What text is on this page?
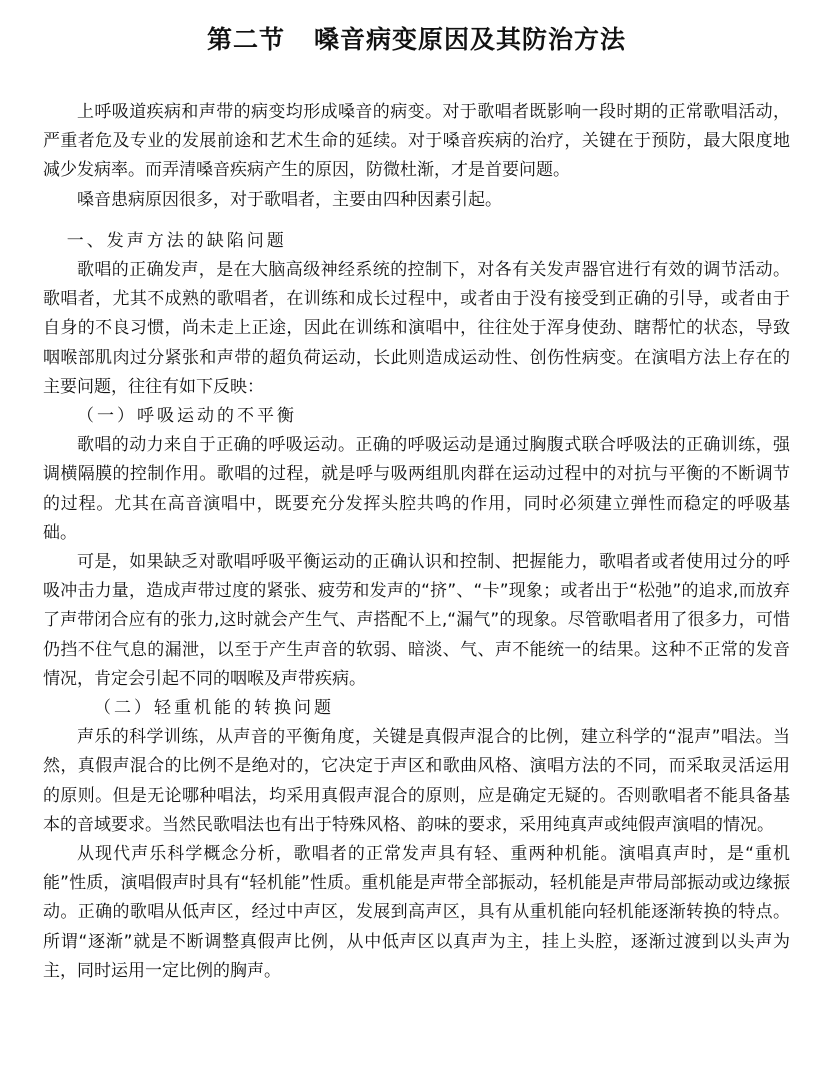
第二节   嗓音病变原因及其防治方法

上呼吸道疾病和声带的病变均形成嗓音的病变。对于歌唱者既影响一段时期的正常歌唱活动，严重者危及专业的发展前途和艺术生命的延续。对于嗓音疾病的治疗，关键在于预防，最大限度地减少发病率。而弄清嗓音疾病产生的原因，防微杜渐，才是首要问题。

嗓音患病原因很多，对于歌唱者，主要由四种因素引起。

一、发声方法的缺陷问题

歌唱的正确发声，是在大脑高级神经系统的控制下，对各有关发声器官进行有效的调节活动。歌唱者，尤其不成熟的歌唱者，在训练和成长过程中，或者由于没有接受到正确的引导，或者由于自身的不良习惯，尚未走上正途，因此在训练和演唱中，往往处于浑身使劲、瞎帮忙的状态，导致咽喉部肌肉过分紧张和声带的超负荷运动，长此则造成运动性、创伤性病变。在演唱方法上存在的主要问题，往往有如下反映：

（一）呼吸运动的不平衡

歌唱的动力来自于正确的呼吸运动。正确的呼吸运动是通过胸腹式联合呼吸法的正确训练，强调横隔膜的控制作用。歌唱的过程，就是呼与吸两组肌肉群在运动过程中的对抗与平衡的不断调节的过程。尤其在高音演唱中，既要充分发挥头腔共鸣的作用，同时必须建立弹性而稳定的呼吸基础。

可是，如果缺乏对歌唱呼吸平衡运动的正确认识和控制、把握能力，歌唱者或者使用过分的呼吸冲击力量，造成声带过度的紧张、疲劳和发声的“挤”、“卡”现象；或者出于“松弛”的追求,而放弃了声带闭合应有的张力,这时就会产生气、声搭配不上,“漏气”的现象。尽管歌唱者用了很多力，可惜仍挡不住气息的漏泄，以至于产生声音的软弱、暗淡、气、声不能统一的结果。这种不正常的发音情况，肯定会引起不同的咽喉及声带疾病。

（二）轻重机能的转换问题

声乐的科学训练，从声音的平衡角度，关键是真假声混合的比例，建立科学的“混声”唱法。当然，真假声混合的比例不是绝对的，它决定于声区和歌曲风格、演唱方法的不同，而采取灵活运用的原则。但是无论哪种唱法，均采用真假声混合的原则，应是确定无疑的。否则歌唱者不能具备基本的音域要求。当然民歌唱法也有出于特殊风格、韵味的要求，采用纯真声或纯假声演唱的情况。

从现代声乐科学概念分析，歌唱者的正常发声具有轻、重两种机能。演唱真声时，是“重机能”性质，演唱假声时具有“轻机能”性质。重机能是声带全部振动，轻机能是声带局部振动或边缘振动。正确的歌唱从低声区，经过中声区，发展到高声区，具有从重机能向轻机能逐渐转换的特点。所谓“逐渐”就是不断调整真假声比例，从中低声区以真声为主，挂上头腔，逐渐过渡到以头声为主，同时运用一定比例的胸声。
